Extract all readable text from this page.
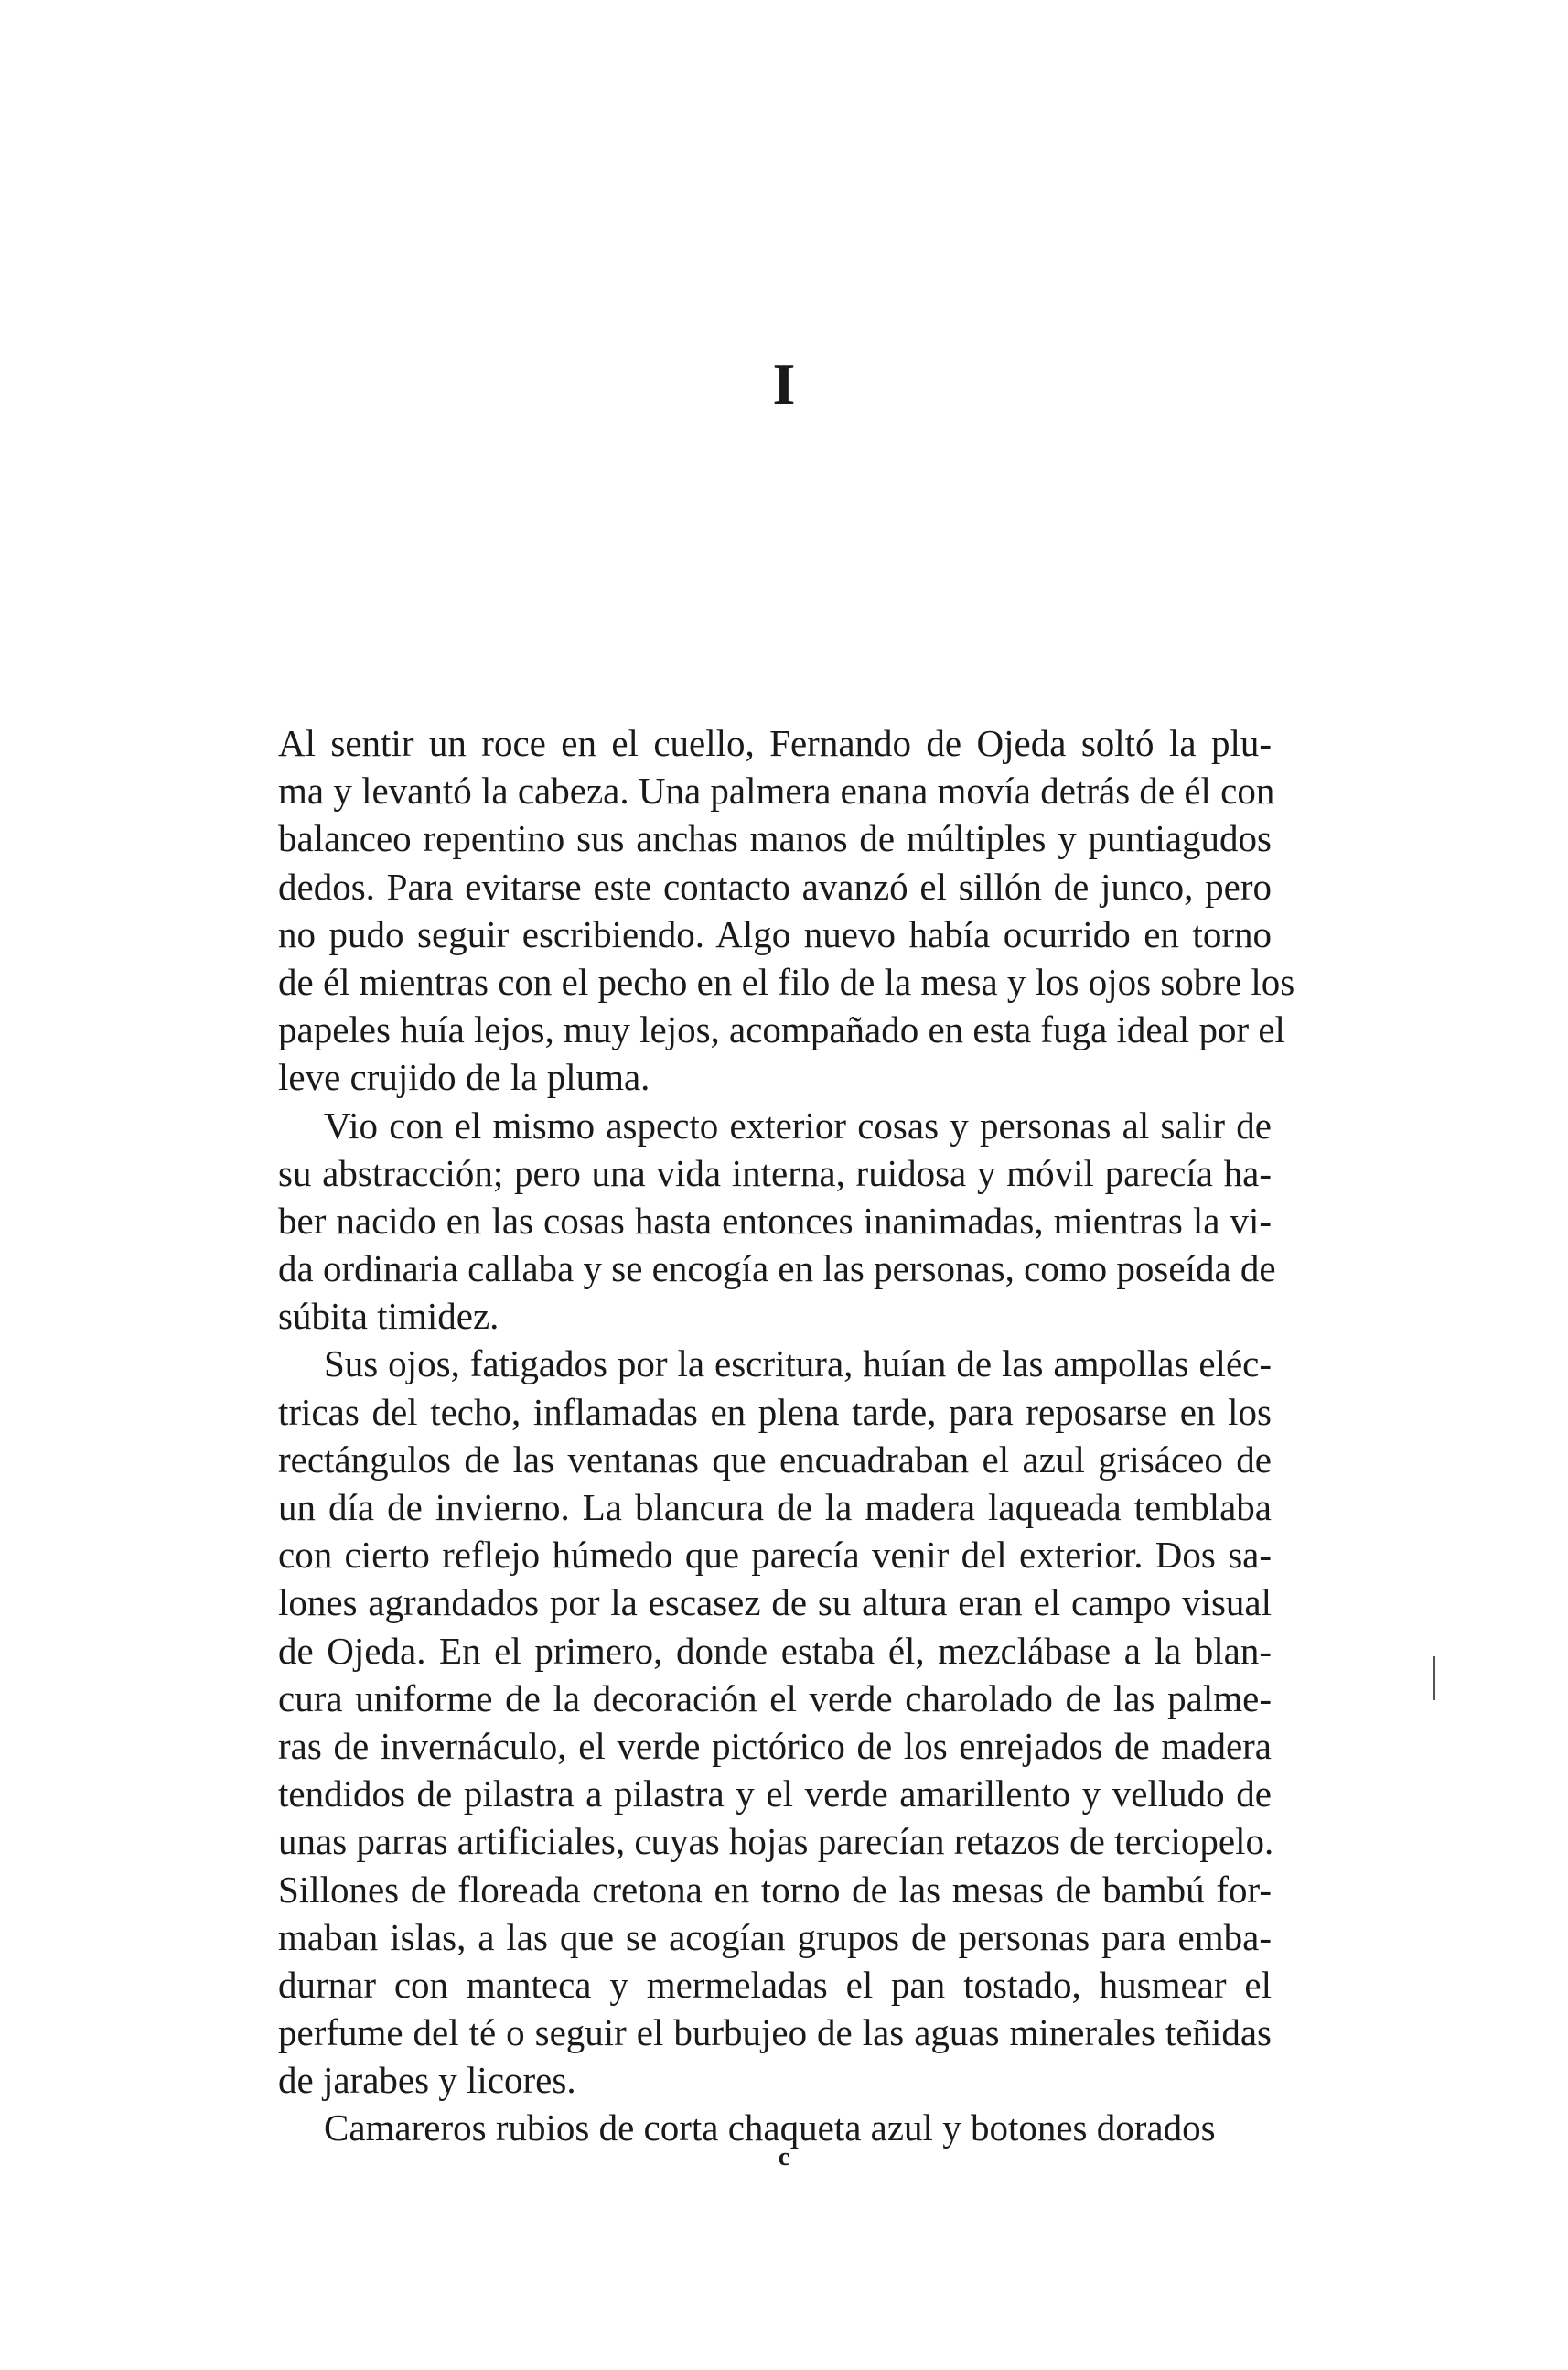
I
Al sentir un roce en el cuello, Fernando de Ojeda soltó la plu-
ma y levantó la cabeza. Una palmera enana movía detrás de él con
balanceo repentino sus anchas manos de múltiples y puntiagudos
dedos. Para evitarse este contacto avanzó el sillón de junco, pero
no pudo seguir escribiendo. Algo nuevo había ocurrido en torno
de él mientras con el pecho en el filo de la mesa y los ojos sobre los
papeles huía lejos, muy lejos, acompañado en esta fuga ideal por el
leve crujido de la pluma.
Vio con el mismo aspecto exterior cosas y personas al salir de
su abstracción; pero una vida interna, ruidosa y móvil parecía ha-
ber nacido en las cosas hasta entonces inanimadas, mientras la vi-
da ordinaria callaba y se encogía en las personas, como poseída de
súbita timidez.
Sus ojos, fatigados por la escritura, huían de las ampollas eléc-
tricas del techo, inflamadas en plena tarde, para reposarse en los
rectángulos de las ventanas que encuadraban el azul grisáceo de
un día de invierno. La blancura de la madera laqueada temblaba
con cierto reflejo húmedo que parecía venir del exterior. Dos sa-
lones agrandados por la escasez de su altura eran el campo visual
de Ojeda. En el primero, donde estaba él, mezclábase a la blan-
cura uniforme de la decoración el verde charolado de las palme-
ras de invernáculo, el verde pictórico de los enrejados de madera
tendidos de pilastra a pilastra y el verde amarillento y velludo de
unas parras artificiales, cuyas hojas parecían retazos de terciopelo.
Sillones de floreada cretona en torno de las mesas de bambú for-
maban islas, a las que se acogían grupos de personas para emba-
durnar con manteca y mermeladas el pan tostado, husmear el
perfume del té o seguir el burbujeo de las aguas minerales teñidas
de jarabes y licores.
Camareros rubios de corta chaqueta azul y botones dorados
c
